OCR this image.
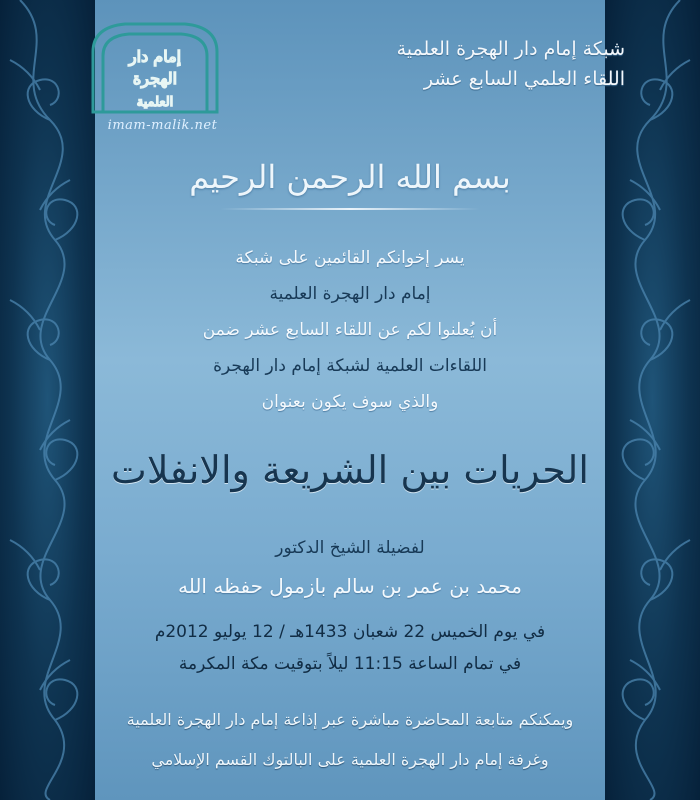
إمام دار
الهجرة
العلمية
imam-malik.net
شبكة إمام دار الهجرة العلمية
اللقاء العلمي السابع عشر
بسم الله الرحمن الرحيم
يسر إخوانكم القائمين على شبكة
إمام دار الهجرة العلمية
أن يُعلنوا لكم عن اللقاء السابع عشر ضمن
اللقاءات العلمية لشبكة إمام دار الهجرة
والذي سوف يكون بعنوان
الحريات بين الشريعة والانفلات
لفضيلة الشيخ الدكتور
محمد بن عمر بن سالم بازمول حفظه الله
في يوم الخميس 22 شعبان 1433هـ / 12 يوليو 2012م
في تمام الساعة 11:15 ليلاً بتوقيت مكة المكرمة
ويمكنكم متابعة المحاضرة مباشرة عبر إذاعة إمام دار الهجرة العلمية
وغرفة إمام دار الهجرة العلمية على البالتوك القسم الإسلامي
